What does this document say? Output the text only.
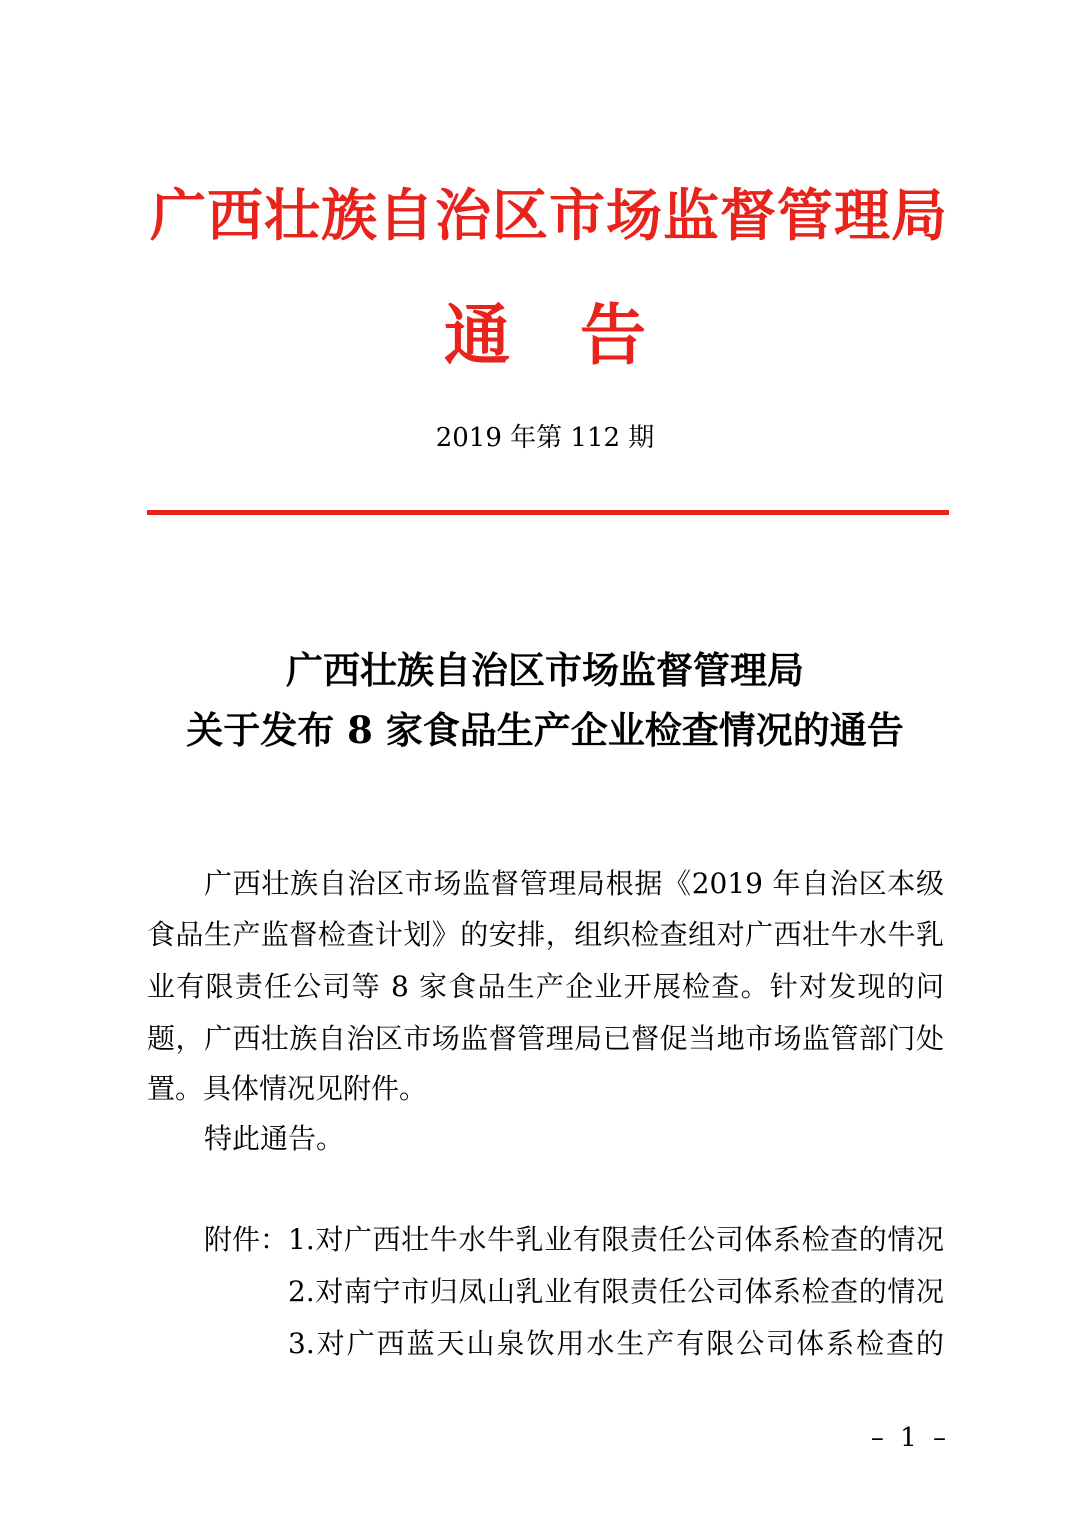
广西壮族自治区市场监督管理局
通告
2019 年第 112 期
广西壮族自治区市场监督管理局
关于发布 8 家食品生产企业检查情况的通告
广西壮族自治区市场监督管理局根据《2019 年自治区本级
食品生产监督检查计划》的安排，组织检查组对广西壮牛水牛乳
业有限责任公司等 8 家食品生产企业开展检查。针对发现的问
题，广西壮族自治区市场监督管理局已督促当地市场监管部门处
置。具体情况见附件。
特此通告。
附件： 1.对广西壮牛水牛乳业有限责任公司体系检查的情况
2.对南宁市归凤山乳业有限责任公司体系检查的情况
3.对广西蓝天山泉饮用水生产有限公司体系检查的
– 1 –
